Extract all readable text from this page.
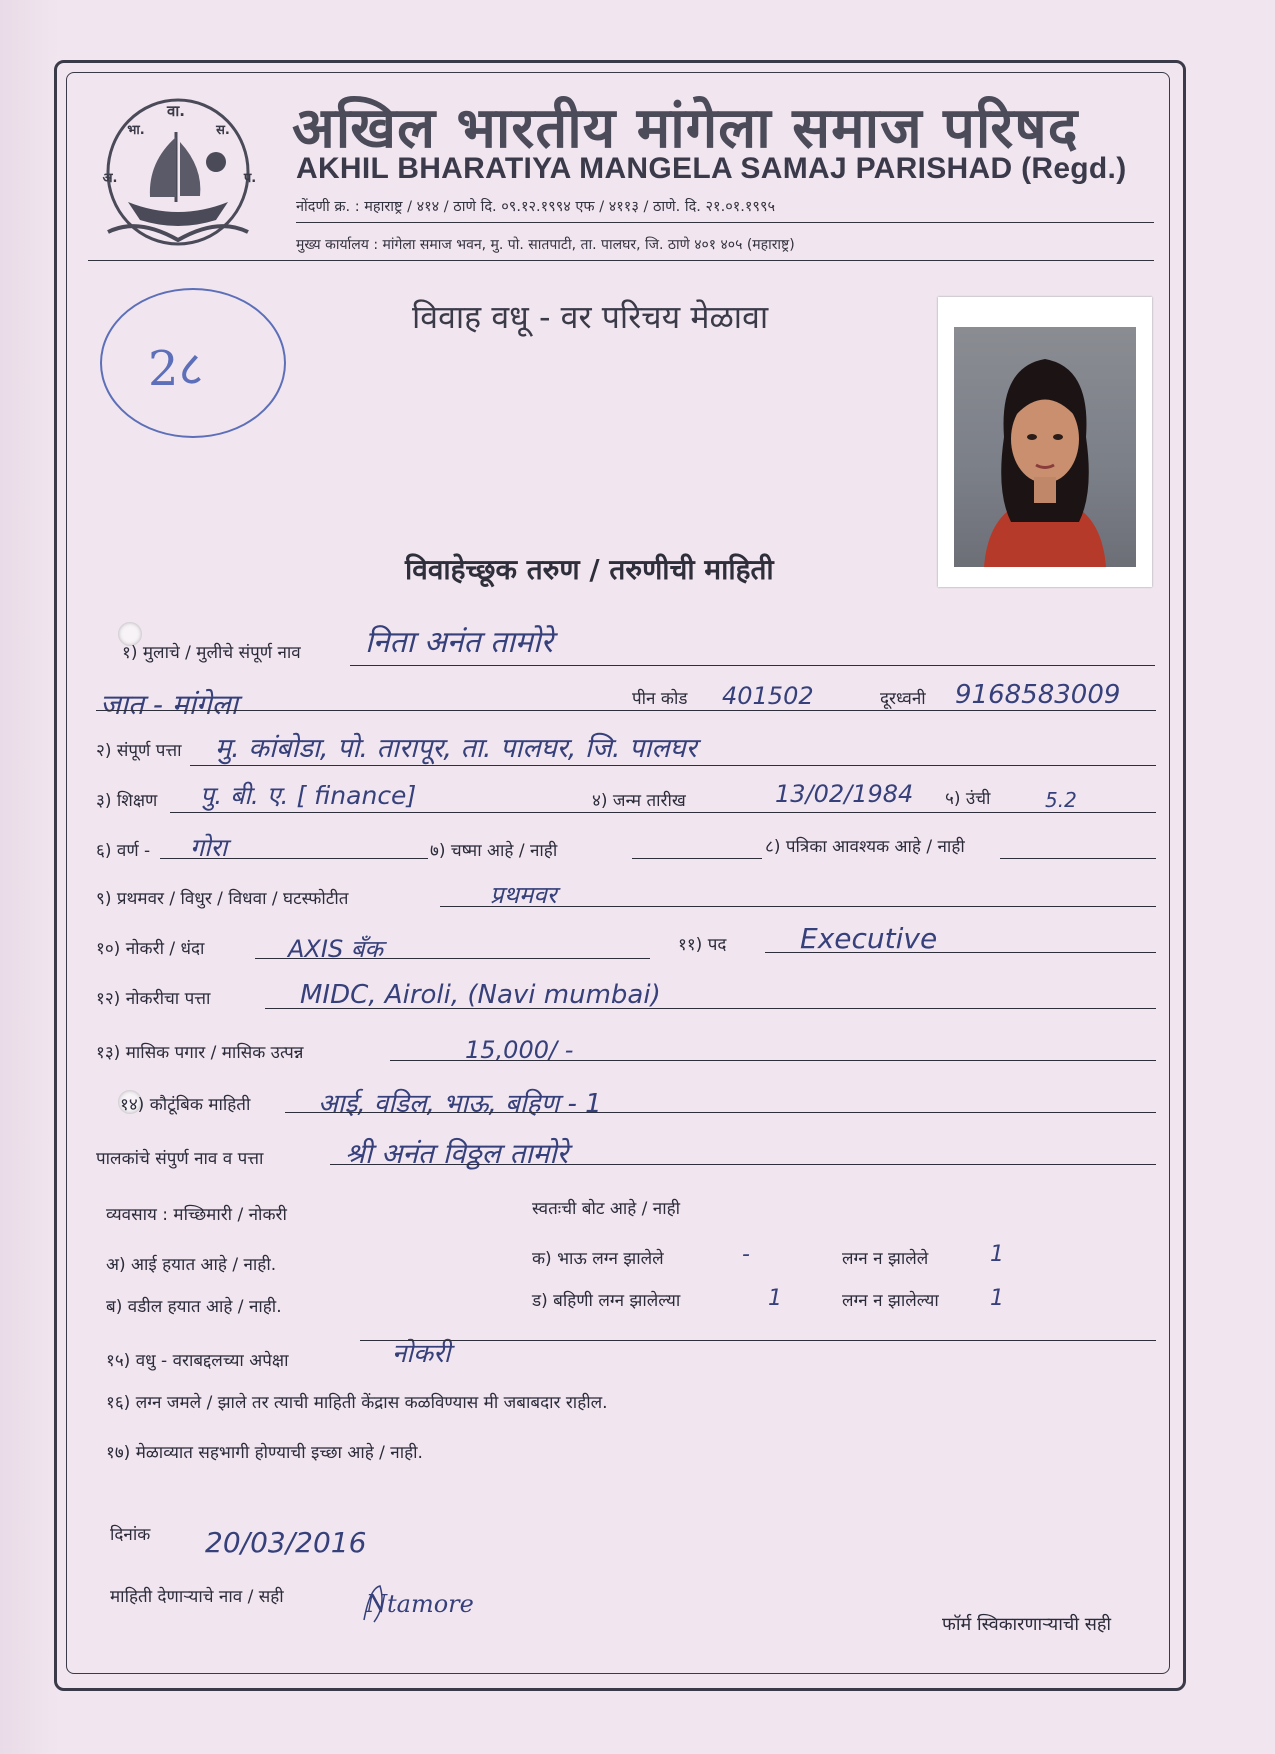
वा.
भा.
अ.
स.
प.
अखिल भारतीय मांगेला समाज परिषद
AKHIL BHARATIYA MANGELA SAMAJ PARISHAD (Regd.)
नोंदणी क्र. : महाराष्ट्र / ४१४ / ठाणे दि. ०९.१२.१९९४ एफ / ४११३ / ठाणे. दि. २१.०१.१९९५
मुख्य कार्यालय : मांगेला समाज भवन, मु. पो. सातपाटी, ता. पालघर, जि. ठाणे ४०१ ४०५ (महाराष्ट्र)
विवाह वधू - वर परिचय मेळावा
2८
विवाहेच्छूक तरुण / तरुणीची माहिती
१) मुलाचे / मुलीचे संपूर्ण नाव निता अनंत तामोरे
जात - मांगेला	पीन कोड 401502	दूरध्वनी 9168583009
२) संपूर्ण पत्ता मु. कांबोडा, पो. तारापूर, ता. पालघर, जि. पालघर
३) शिक्षण पु. बी. ए. [ finance]	४) जन्म तारीख	13/02/1984 ५) उंची	5.2
६) वर्ण - गोरा	७) चष्मा आहे / नाही	८) पत्रिका आवश्यक आहे / नाही
९) प्रथमवर / विधुर / विधवा / घटस्फोटीत	प्रथमवर
१०) नोकरी / धंदा	AXIS बँक	११) पद	Executive
१२) नोकरीचा पत्ता	MIDC, Airoli, (Navi mumbai)
१३) मासिक पगार / मासिक उत्पन्न	15,000/ -
१४) कौटूंबिक माहिती	आई, वडिल, भाऊ, बहिण - 1
पालकांचे संपुर्ण नाव व पत्ता	श्री अनंत विठ्ठल तामोरे
व्यवसाय : मच्छिमारी / नोकरी	स्वतःची बोट आहे / नाही
अ) आई हयात आहे / नाही.	क) भाऊ लग्न झालेले	-	लग्न न झालेले	1
ब) वडील हयात आहे / नाही.	ड) बहिणी लग्न झालेल्या	1	लग्न न झालेल्या 1
१५) वधु - वराबद्दलच्या अपेक्षा	नोकरी
१६) लग्न जमले / झाले तर त्याची माहिती केंद्रास कळविण्यास मी जबाबदार राहील.
१७) मेळाव्यात सहभागी होण्याची इच्छा आहे / नाही.
दिनांक 20/03/2016
माहिती देणाऱ्याचे नाव / सही	Ntamore
फॉर्म स्विकारणाऱ्याची सही
